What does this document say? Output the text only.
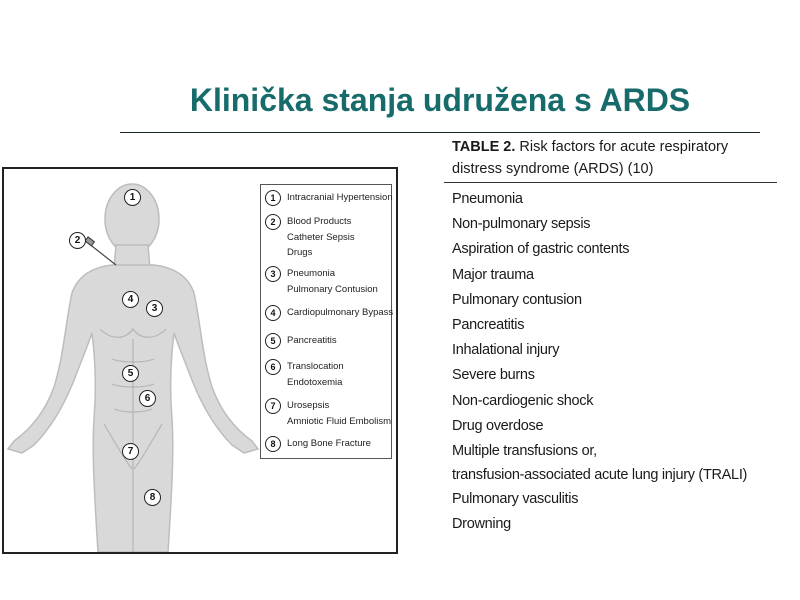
Klinička stanja udružena s ARDS
1
2
3
4
5
6
7
8
1	Intracranial Hypertension
2	Blood Products
Catheter Sepsis
Drugs
3	Pneumonia
Pulmonary Contusion
4	Cardiopulmonary Bypass
5	Pancreatitis
6	Translocation
Endotoxemia
7	Urosepsis
Amniotic Fluid Embolism
8	Long Bone Fracture
TABLE 2. Risk factors for acute respiratory distress syndrome (ARDS) (10)
Pneumonia
Non-pulmonary sepsis
Aspiration of gastric contents
Major trauma
Pulmonary contusion
Pancreatitis
Inhalational injury
Severe burns
Non-cardiogenic shock
Drug overdose
Multiple transfusions or,
transfusion-associated acute lung injury (TRALI)
Pulmonary vasculitis
Drowning
